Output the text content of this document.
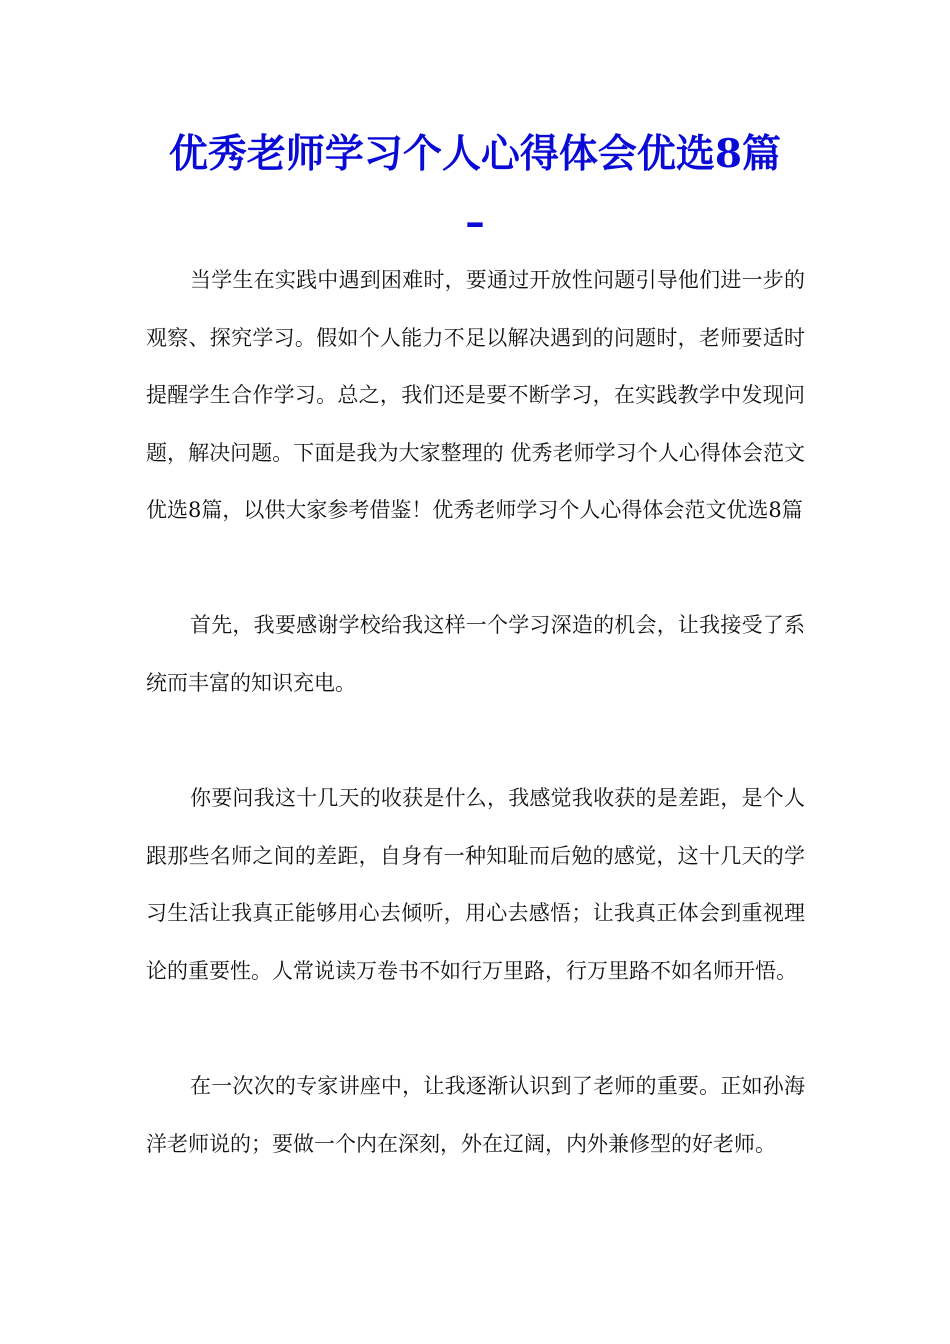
优秀老师学习个人心得体会优选8篇
–

当学生在实践中遇到困难时，要通过开放性问题引导他们进一步的观察、探究学习。假如个人能力不足以解决遇到的问题时，老师要适时提醒学生合作学习。总之，我们还是要不断学习，在实践教学中发现问题，解决问题。下面是我为大家整理的 优秀老师学习个人心得体会范文优选8篇，以供大家参考借鉴！优秀老师学习个人心得体会范文优选8篇

首先，我要感谢学校给我这样一个学习深造的机会，让我接受了系统而丰富的知识充电。

你要问我这十几天的收获是什么，我感觉我收获的是差距，是个人跟那些名师之间的差距，自身有一种知耻而后勉的感觉，这十几天的学习生活让我真正能够用心去倾听，用心去感悟；让我真正体会到重视理论的重要性。人常说读万卷书不如行万里路，行万里路不如名师开悟。

在一次次的专家讲座中，让我逐渐认识到了老师的重要。正如孙海洋老师说的；要做一个内在深刻，外在辽阔，内外兼修型的好老师。
